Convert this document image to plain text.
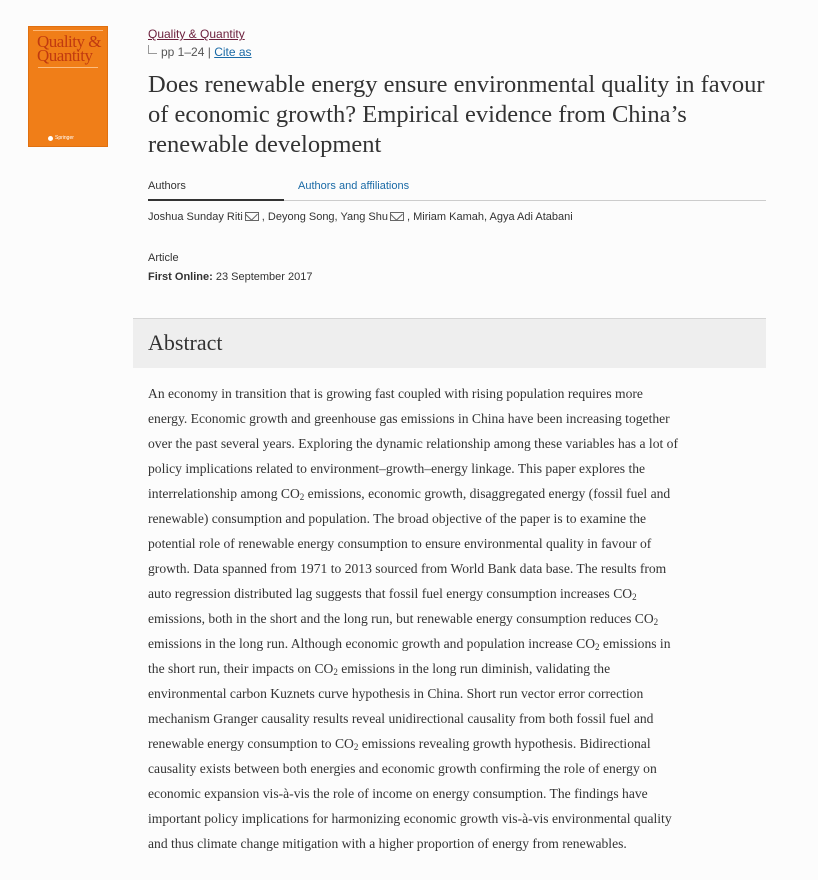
Quality & Quantity
Springer
Quality & Quantity
pp 1–24 | Cite as
Does renewable energy ensure environmental quality in favour of economic growth? Empirical evidence from China’s renewable development
Authors	Authors and affiliations
Joshua Sunday Riti , Deyong Song, Yang Shu , Miriam Kamah, Agya Adi Atabani
Article
First Online: 23 September 2017
Abstract
An economy in transition that is growing fast coupled with rising population requires more
energy. Economic growth and greenhouse gas emissions in China have been increasing together
over the past several years. Exploring the dynamic relationship among these variables has a lot of
policy implications related to environment–growth–energy linkage. This paper explores the
interrelationship among $CO_2$ emissions, economic growth, disaggregated energy (fossil fuel and
renewable) consumption and population. The broad objective of the paper is to examine the
potential role of renewable energy consumption to ensure environmental quality in favour of
growth. Data spanned from 1971 to 2013 sourced from World Bank data base. The results from
auto regression distributed lag suggests that fossil fuel energy consumption increases $CO_2$
emissions, both in the short and the long run, but renewable energy consumption reduces $CO_2$
emissions in the long run. Although economic growth and population increase $CO_2$ emissions in
the short run, their impacts on $CO_2$ emissions in the long run diminish, validating the
environmental carbon Kuznets curve hypothesis in China. Short run vector error correction
mechanism Granger causality results reveal unidirectional causality from both fossil fuel and
renewable energy consumption to $CO_2$ emissions revealing growth hypothesis. Bidirectional
causality exists between both energies and economic growth confirming the role of energy on
economic expansion vis-à-vis the role of income on energy consumption. The findings have
important policy implications for harmonizing economic growth vis-à-vis environmental quality
and thus climate change mitigation with a higher proportion of energy from renewables.
